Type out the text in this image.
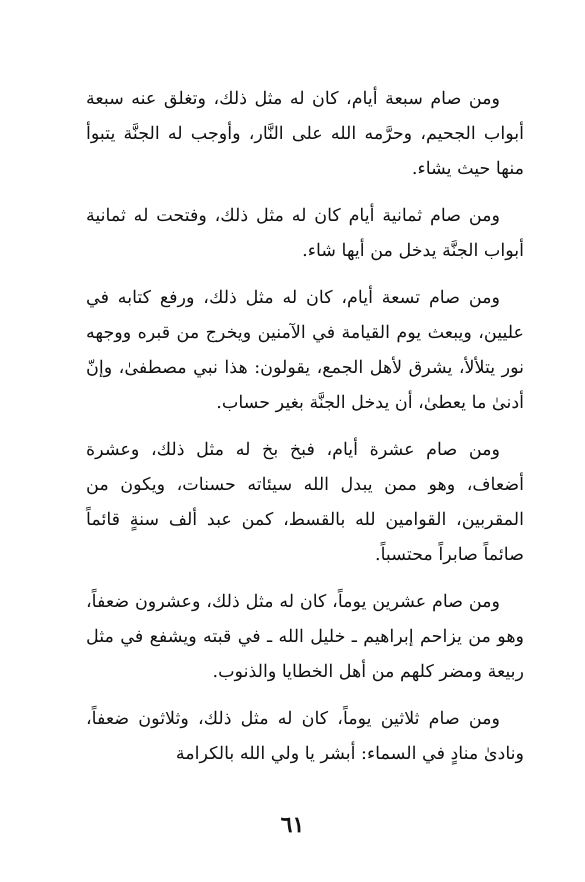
ومن صام سبعة أيام، كان له مثل ذلك، وتغلق عنه سبعة أبواب الجحيم، وحرَّمه الله على النَّار، وأوجب له الجنَّة يتبوأ منها حيث يشاء.

ومن صام ثمانية أيام كان له مثل ذلك، وفتحت له ثمانية أبواب الجنَّة يدخل من أيها شاء.

ومن صام تسعة أيام، كان له مثل ذلك، ورفع كتابه في عليين، ويبعث يوم القيامة في الآمنين ويخرج من قبره ووجهه نور يتلألأ، يشرق لأهل الجمع، يقولون: هذا نبي مصطفىٰ، وإنّ أدنىٰ ما يعطىٰ، أن يدخل الجنَّة بغير حساب.

ومن صام عشرة أيام، فبخ بخ له مثل ذلك، وعشرة أضعاف، وهو ممن يبدل الله سيئاته حسنات، ويكون من المقربين، القوامين لله بالقسط، كمن عبد ألف سنةٍ قائماً صائماً صابراً محتسباً.

ومن صام عشرين يوماً، كان له مثل ذلك، وعشرون ضعفاً، وهو من يزاحم إبراهيم ـ خليل الله ـ في قبته ويشفع في مثل ربيعة ومضر كلهم من أهل الخطايا والذنوب.

ومن صام ثلاثين يوماً، كان له مثل ذلك، وثلاثون ضعفاً، ونادىٰ منادٍ في السماء: أبشر يا ولي الله بالكرامة

٦١
